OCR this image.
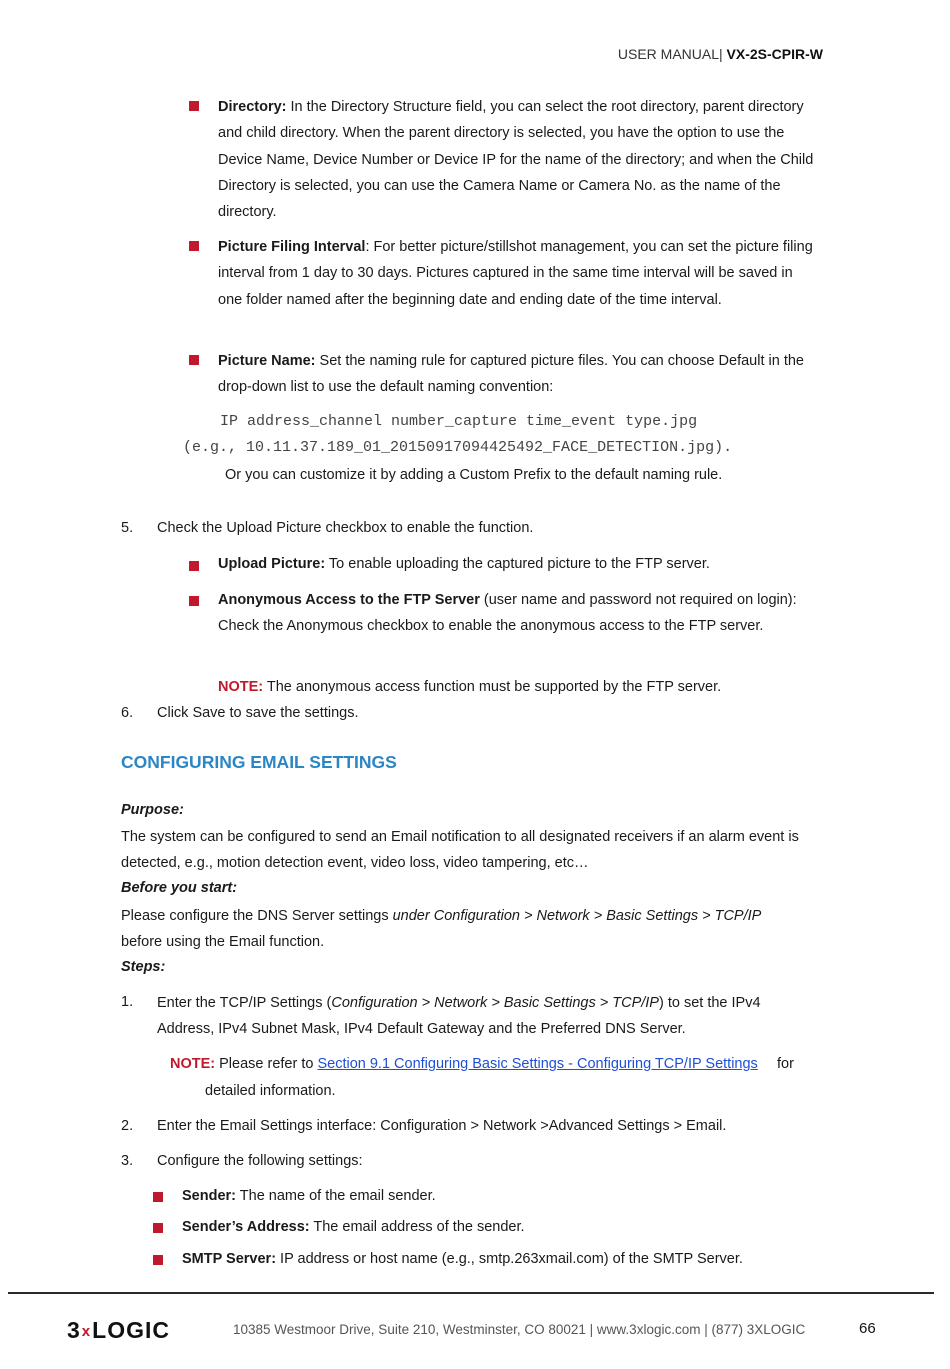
USER MANUAL| VX-2S-CPIR-W
Directory: In the Directory Structure field, you can select the root directory, parent directory and child directory. When the parent directory is selected, you have the option to use the Device Name, Device Number or Device IP for the name of the directory; and when the Child Directory is selected, you can use the Camera Name or Camera No. as the name of the directory.
Picture Filing Interval: For better picture/stillshot management, you can set the picture filing interval from 1 day to 30 days. Pictures captured in the same time interval will be saved in one folder named after the beginning date and ending date of the time interval.
Picture Name: Set the naming rule for captured picture files. You can choose Default in the drop-down list to use the default naming convention:
IP address_channel number_capture time_event type.jpg
(e.g., 10.11.37.189_01_20150917094425492_FACE_DETECTION.jpg).
Or you can customize it by adding a Custom Prefix to the default naming rule.
5. Check the Upload Picture checkbox to enable the function.
Upload Picture: To enable uploading the captured picture to the FTP server.
Anonymous Access to the FTP Server (user name and password not required on login): Check the Anonymous checkbox to enable the anonymous access to the FTP server.
NOTE: The anonymous access function must be supported by the FTP server.
6. Click Save to save the settings.
CONFIGURING EMAIL SETTINGS
Purpose:
The system can be configured to send an Email notification to all designated receivers if an alarm event is detected, e.g., motion detection event, video loss, video tampering, etc…
Before you start:
Please configure the DNS Server settings under Configuration > Network > Basic Settings > TCP/IP before using the Email function.
Steps:
1. Enter the TCP/IP Settings (Configuration > Network > Basic Settings > TCP/IP) to set the IPv4 Address, IPv4 Subnet Mask, IPv4 Default Gateway and the Preferred DNS Server.
NOTE: Please refer to Section 9.1 Configuring Basic Settings - Configuring TCP/IP Settings for
detailed information.
2. Enter the Email Settings interface: Configuration > Network >Advanced Settings > Email.
3. Configure the following settings:
Sender: The name of the email sender.
Sender’s Address: The email address of the sender.
SMTP Server: IP address or host name (e.g., smtp.263xmail.com) of the SMTP Server.
3xLOGIC	10385 Westmoor Drive, Suite 210, Westminster, CO 80021 | www.3xlogic.com | (877) 3XLOGIC	66
